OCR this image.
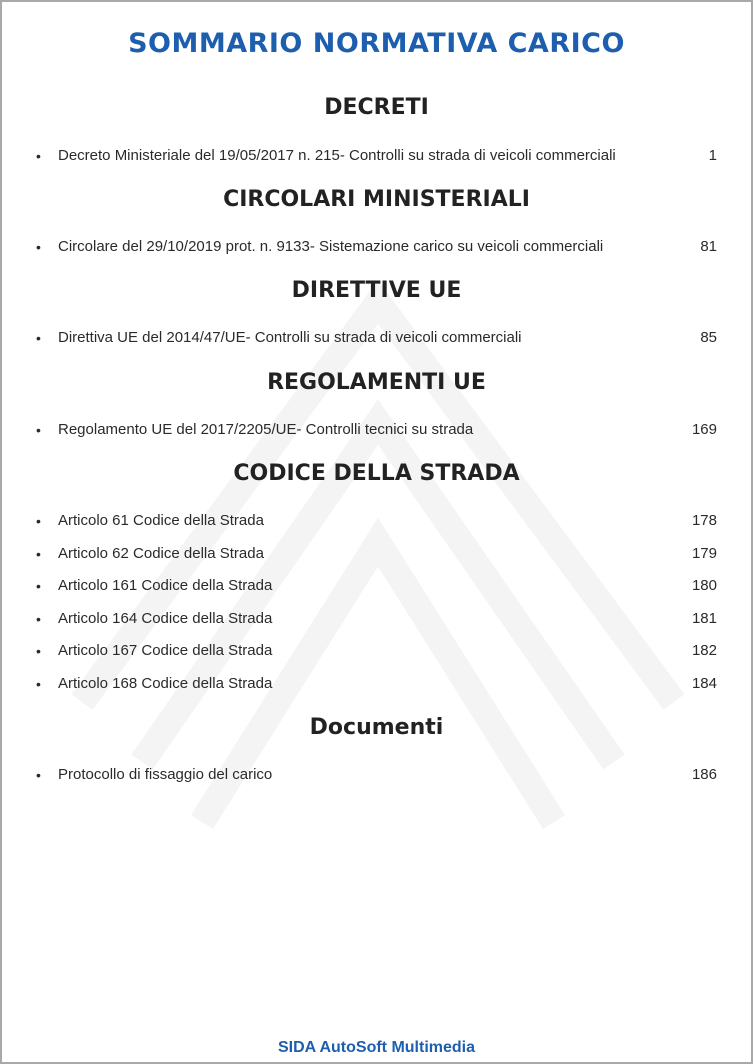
SOMMARIO NORMATIVA CARICO
DECRETI
• Decreto Ministeriale del 19/05/2017 n. 215- Controlli su strada di veicoli commerciali	1
CIRCOLARI MINISTERIALI
• Circolare del 29/10/2019 prot. n. 9133- Sistemazione carico su veicoli commerciali	81
DIRETTIVE UE
• Direttiva UE del 2014/47/UE- Controlli su strada di veicoli commerciali	85
REGOLAMENTI UE
• Regolamento UE del 2017/2205/UE- Controlli tecnici su strada	169
CODICE DELLA STRADA
• Articolo 61 Codice della Strada	178
• Articolo 62 Codice della Strada	179
• Articolo 161 Codice della Strada	180
• Articolo 164 Codice della Strada	181
• Articolo 167 Codice della Strada	182
• Articolo 168 Codice della Strada	184
Documenti
• Protocollo di fissaggio del carico	186
SIDA AutoSoft Multimedia
